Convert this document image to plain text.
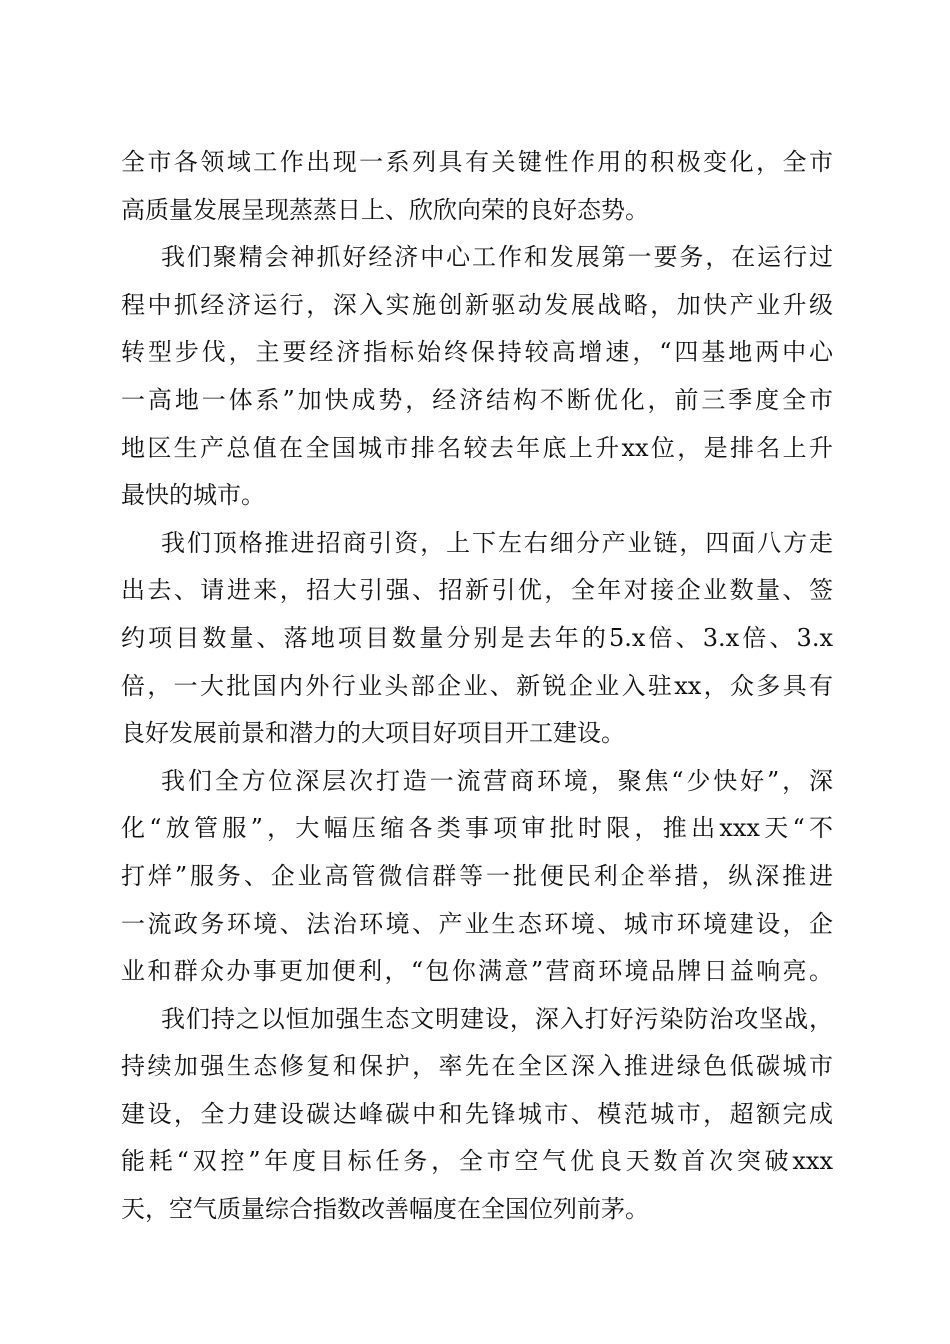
全市各领域工作出现一系列具有关键性作用的积极变化，全市
高质量发展呈现蒸蒸日上、欣欣向荣的良好态势。
我们聚精会神抓好经济中心工作和发展第一要务，在运行过
程中抓经济运行，深入实施创新驱动发展战略，加快产业升级
转型步伐，主要经济指标始终保持较高增速，“四基地两中心
一高地一体系”加快成势，经济结构不断优化，前三季度全市
地区生产总值在全国城市排名较去年底上升xx位，是排名上升
最快的城市。
我们顶格推进招商引资，上下左右细分产业链，四面八方走
出去、请进来，招大引强、招新引优，全年对接企业数量、签
约项目数量、落地项目数量分别是去年的5.x倍、3.x倍、3.x
倍，一大批国内外行业头部企业、新锐企业入驻xx，众多具有
良好发展前景和潜力的大项目好项目开工建设。
我们全方位深层次打造一流营商环境，聚焦“少快好”，深
化“放管服”，大幅压缩各类事项审批时限，推出xxx天“不
打烊”服务、企业高管微信群等一批便民利企举措，纵深推进
一流政务环境、法治环境、产业生态环境、城市环境建设，企
业和群众办事更加便利，“包你满意”营商环境品牌日益响亮。
我们持之以恒加强生态文明建设，深入打好污染防治攻坚战，
持续加强生态修复和保护，率先在全区深入推进绿色低碳城市
建设，全力建设碳达峰碳中和先锋城市、模范城市，超额完成
能耗“双控”年度目标任务，全市空气优良天数首次突破xxx
天，空气质量综合指数改善幅度在全国位列前茅。
